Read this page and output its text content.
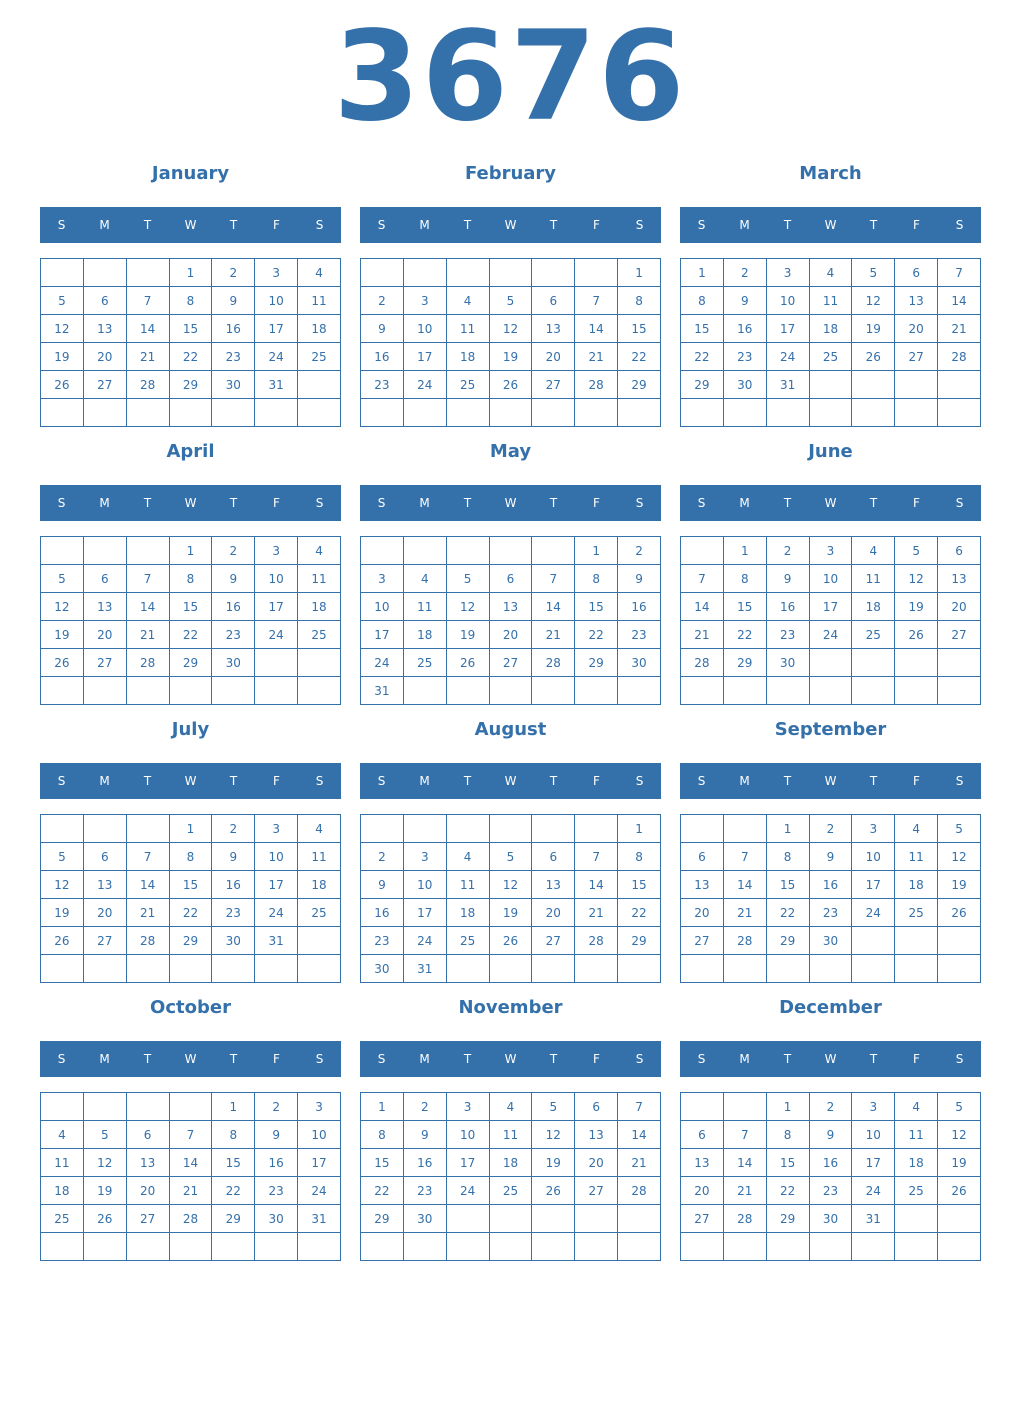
3676
January
S	M	T	W	T	F	S
			1	2	3	4
5	6	7	8	9	10	11
12	13	14	15	16	17	18
19	20	21	22	23	24	25
26	27	28	29	30	31	

February
S	M	T	W	T	F	S
						1
2	3	4	5	6	7	8
9	10	11	12	13	14	15
16	17	18	19	20	21	22
23	24	25	26	27	28	29

March
S	M	T	W	T	F	S
1	2	3	4	5	6	7
8	9	10	11	12	13	14
15	16	17	18	19	20	21
22	23	24	25	26	27	28
29	30	31				

April
S	M	T	W	T	F	S
			1	2	3	4
5	6	7	8	9	10	11
12	13	14	15	16	17	18
19	20	21	22	23	24	25
26	27	28	29	30		

May
S	M	T	W	T	F	S
					1	2
3	4	5	6	7	8	9
10	11	12	13	14	15	16
17	18	19	20	21	22	23
24	25	26	27	28	29	30
31						
June
S	M	T	W	T	F	S
	1	2	3	4	5	6
7	8	9	10	11	12	13
14	15	16	17	18	19	20
21	22	23	24	25	26	27
28	29	30				

July
S	M	T	W	T	F	S
			1	2	3	4
5	6	7	8	9	10	11
12	13	14	15	16	17	18
19	20	21	22	23	24	25
26	27	28	29	30	31	

August
S	M	T	W	T	F	S
						1
2	3	4	5	6	7	8
9	10	11	12	13	14	15
16	17	18	19	20	21	22
23	24	25	26	27	28	29
30	31					
September
S	M	T	W	T	F	S
		1	2	3	4	5
6	7	8	9	10	11	12
13	14	15	16	17	18	19
20	21	22	23	24	25	26
27	28	29	30			

October
S	M	T	W	T	F	S
				1	2	3
4	5	6	7	8	9	10
11	12	13	14	15	16	17
18	19	20	21	22	23	24
25	26	27	28	29	30	31

November
S	M	T	W	T	F	S
1	2	3	4	5	6	7
8	9	10	11	12	13	14
15	16	17	18	19	20	21
22	23	24	25	26	27	28
29	30					

December
S	M	T	W	T	F	S
		1	2	3	4	5
6	7	8	9	10	11	12
13	14	15	16	17	18	19
20	21	22	23	24	25	26
27	28	29	30	31		
